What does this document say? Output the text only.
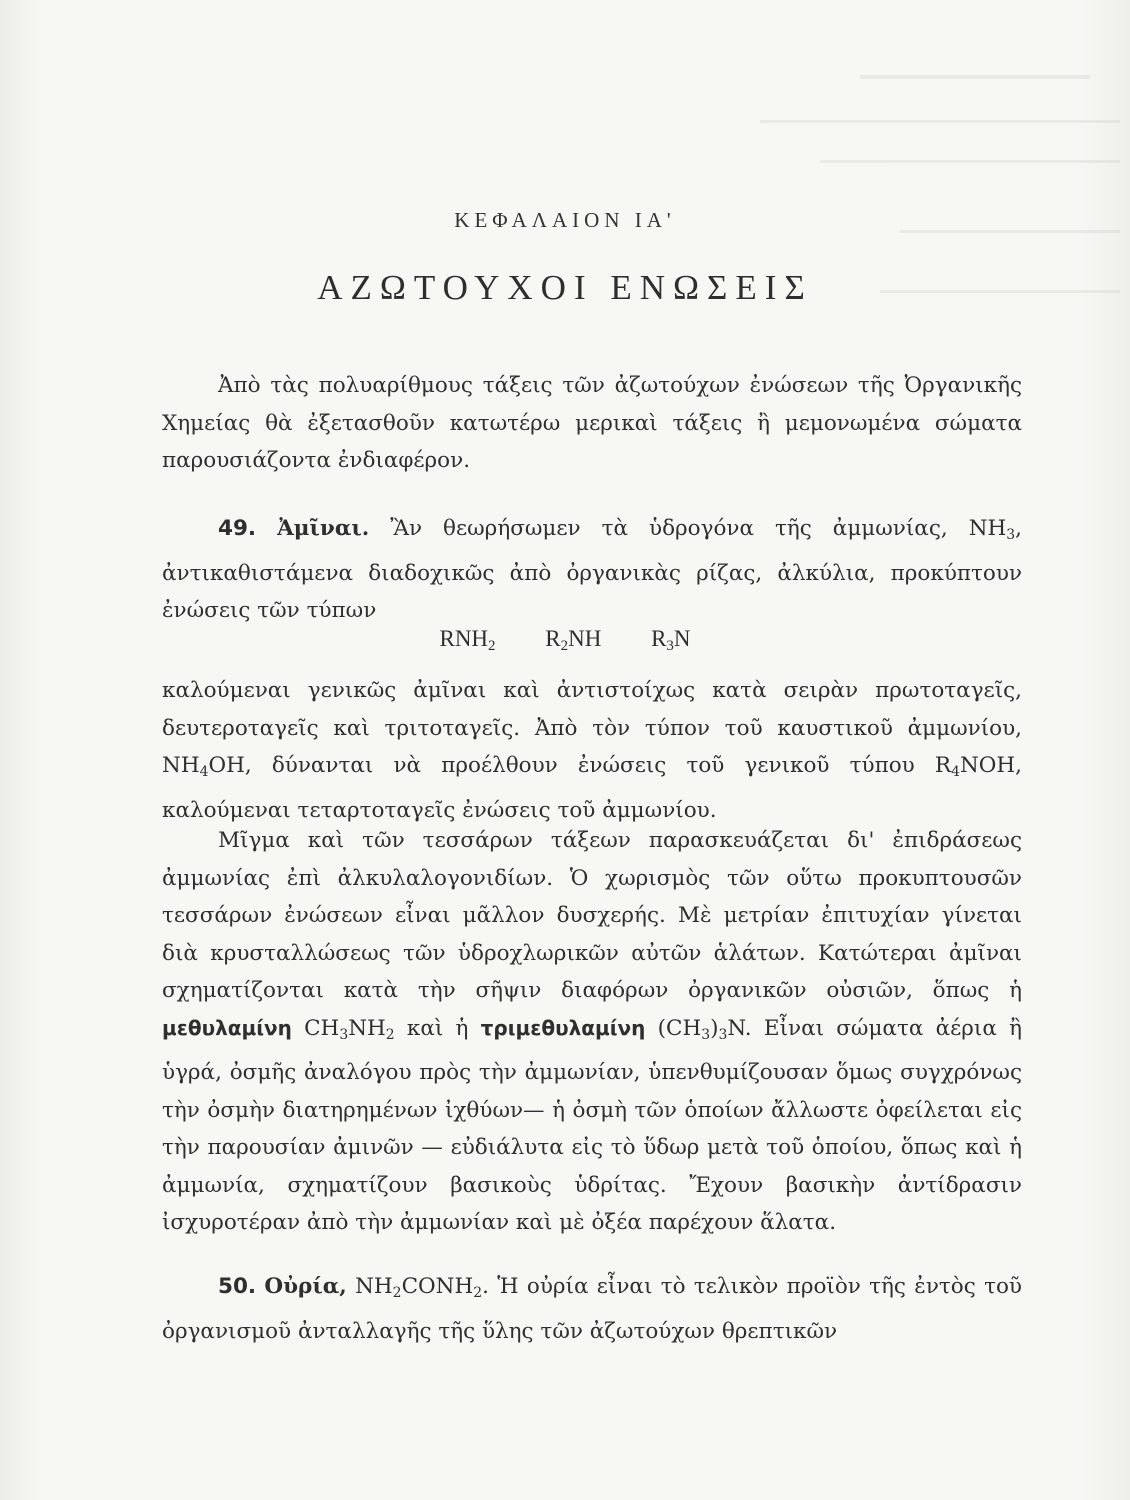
ΚΕΦΑΛΑΙΟΝ ΙΑ'
ΑΖΩΤΟΥΧΟΙ ΕΝΩΣΕΙΣ
Ἀπὸ τὰς πολυαρίθμους τάξεις τῶν ἀζωτούχων ἐνώσεων τῆς Ὀργανικῆς Χημείας θὰ ἐξετασθοῦν κατωτέρω μερικαὶ τάξεις ἢ μεμονωμένα σώματα παρουσιάζοντα ἐνδιαφέρον.
49. Ἀμῖναι. Ἂν θεωρήσωμεν τὰ ὑδρογόνα τῆς ἀμμωνίας, $NH_3$, ἀντικαθιστάμενα διαδοχικῶς ἀπὸ ὀργανικὰς ρίζας, ἀλκύλια, προκύπτουν ἐνώσεις τῶν τύπων
$RNH_2$ $R_2NH$ $R_3N$
καλούμεναι γενικῶς ἀμῖναι καὶ ἀντιστοίχως κατὰ σειρὰν πρωτοταγεῖς, δευτεροταγεῖς καὶ τριτοταγεῖς. Ἀπὸ τὸν τύπον τοῦ καυστικοῦ ἀμμωνίου, $NH_4OH$, δύνανται νὰ προέλθουν ἐνώσεις τοῦ γενικοῦ τύπου $R_4NOH$, καλούμεναι τεταρτοταγεῖς ἐνώσεις τοῦ ἀμμωνίου.
Μῖγμα καὶ τῶν τεσσάρων τάξεων παρασκευάζεται δι' ἐπιδράσεως ἀμμωνίας ἐπὶ ἀλκυλαλογονιδίων. Ὁ χωρισμὸς τῶν οὕτω προκυπτουσῶν τεσσάρων ἐνώσεων εἶναι μᾶλλον δυσχερής. Μὲ μετρίαν ἐπιτυχίαν γίνεται διὰ κρυσταλλώσεως τῶν ὑδροχλωρικῶν αὐτῶν ἁλάτων. Κατώτεραι ἀμῖναι σχηματίζονται κατὰ τὴν σῆψιν διαφόρων ὀργανικῶν οὐσιῶν, ὅπως ἡ μεθυλαμίνη $CH_3NH_2$ καὶ ἡ τριμεθυλαμίνη $(CH_3)_3N$. Εἶναι σώματα ἀέρια ἢ ὑγρά, ὀσμῆς ἀναλόγου πρὸς τὴν ἀμμωνίαν, ὑπενθυμίζουσαν ὅμως συγχρόνως τὴν ὀσμὴν διατηρημένων ἰχθύων— ἡ ὀσμὴ τῶν ὁποίων ἄλλωστε ὀφείλεται εἰς τὴν παρουσίαν ἀμινῶν — εὐδιάλυτα εἰς τὸ ὕδωρ μετὰ τοῦ ὁποίου, ὅπως καὶ ἡ ἀμμωνία, σχηματίζουν βασικοὺς ὑδρίτας. Ἔχουν βασικὴν ἀντίδρασιν ἰσχυροτέραν ἀπὸ τὴν ἀμμωνίαν καὶ μὲ ὀξέα παρέχουν ἅλατα.
50. Οὐρία, $NH_2CONH_2$. Ἡ οὐρία εἶναι τὸ τελικὸν προϊὸν τῆς ἐντὸς τοῦ ὀργανισμοῦ ἀνταλλαγῆς τῆς ὕλης τῶν ἀζωτούχων θρεπτικῶν
